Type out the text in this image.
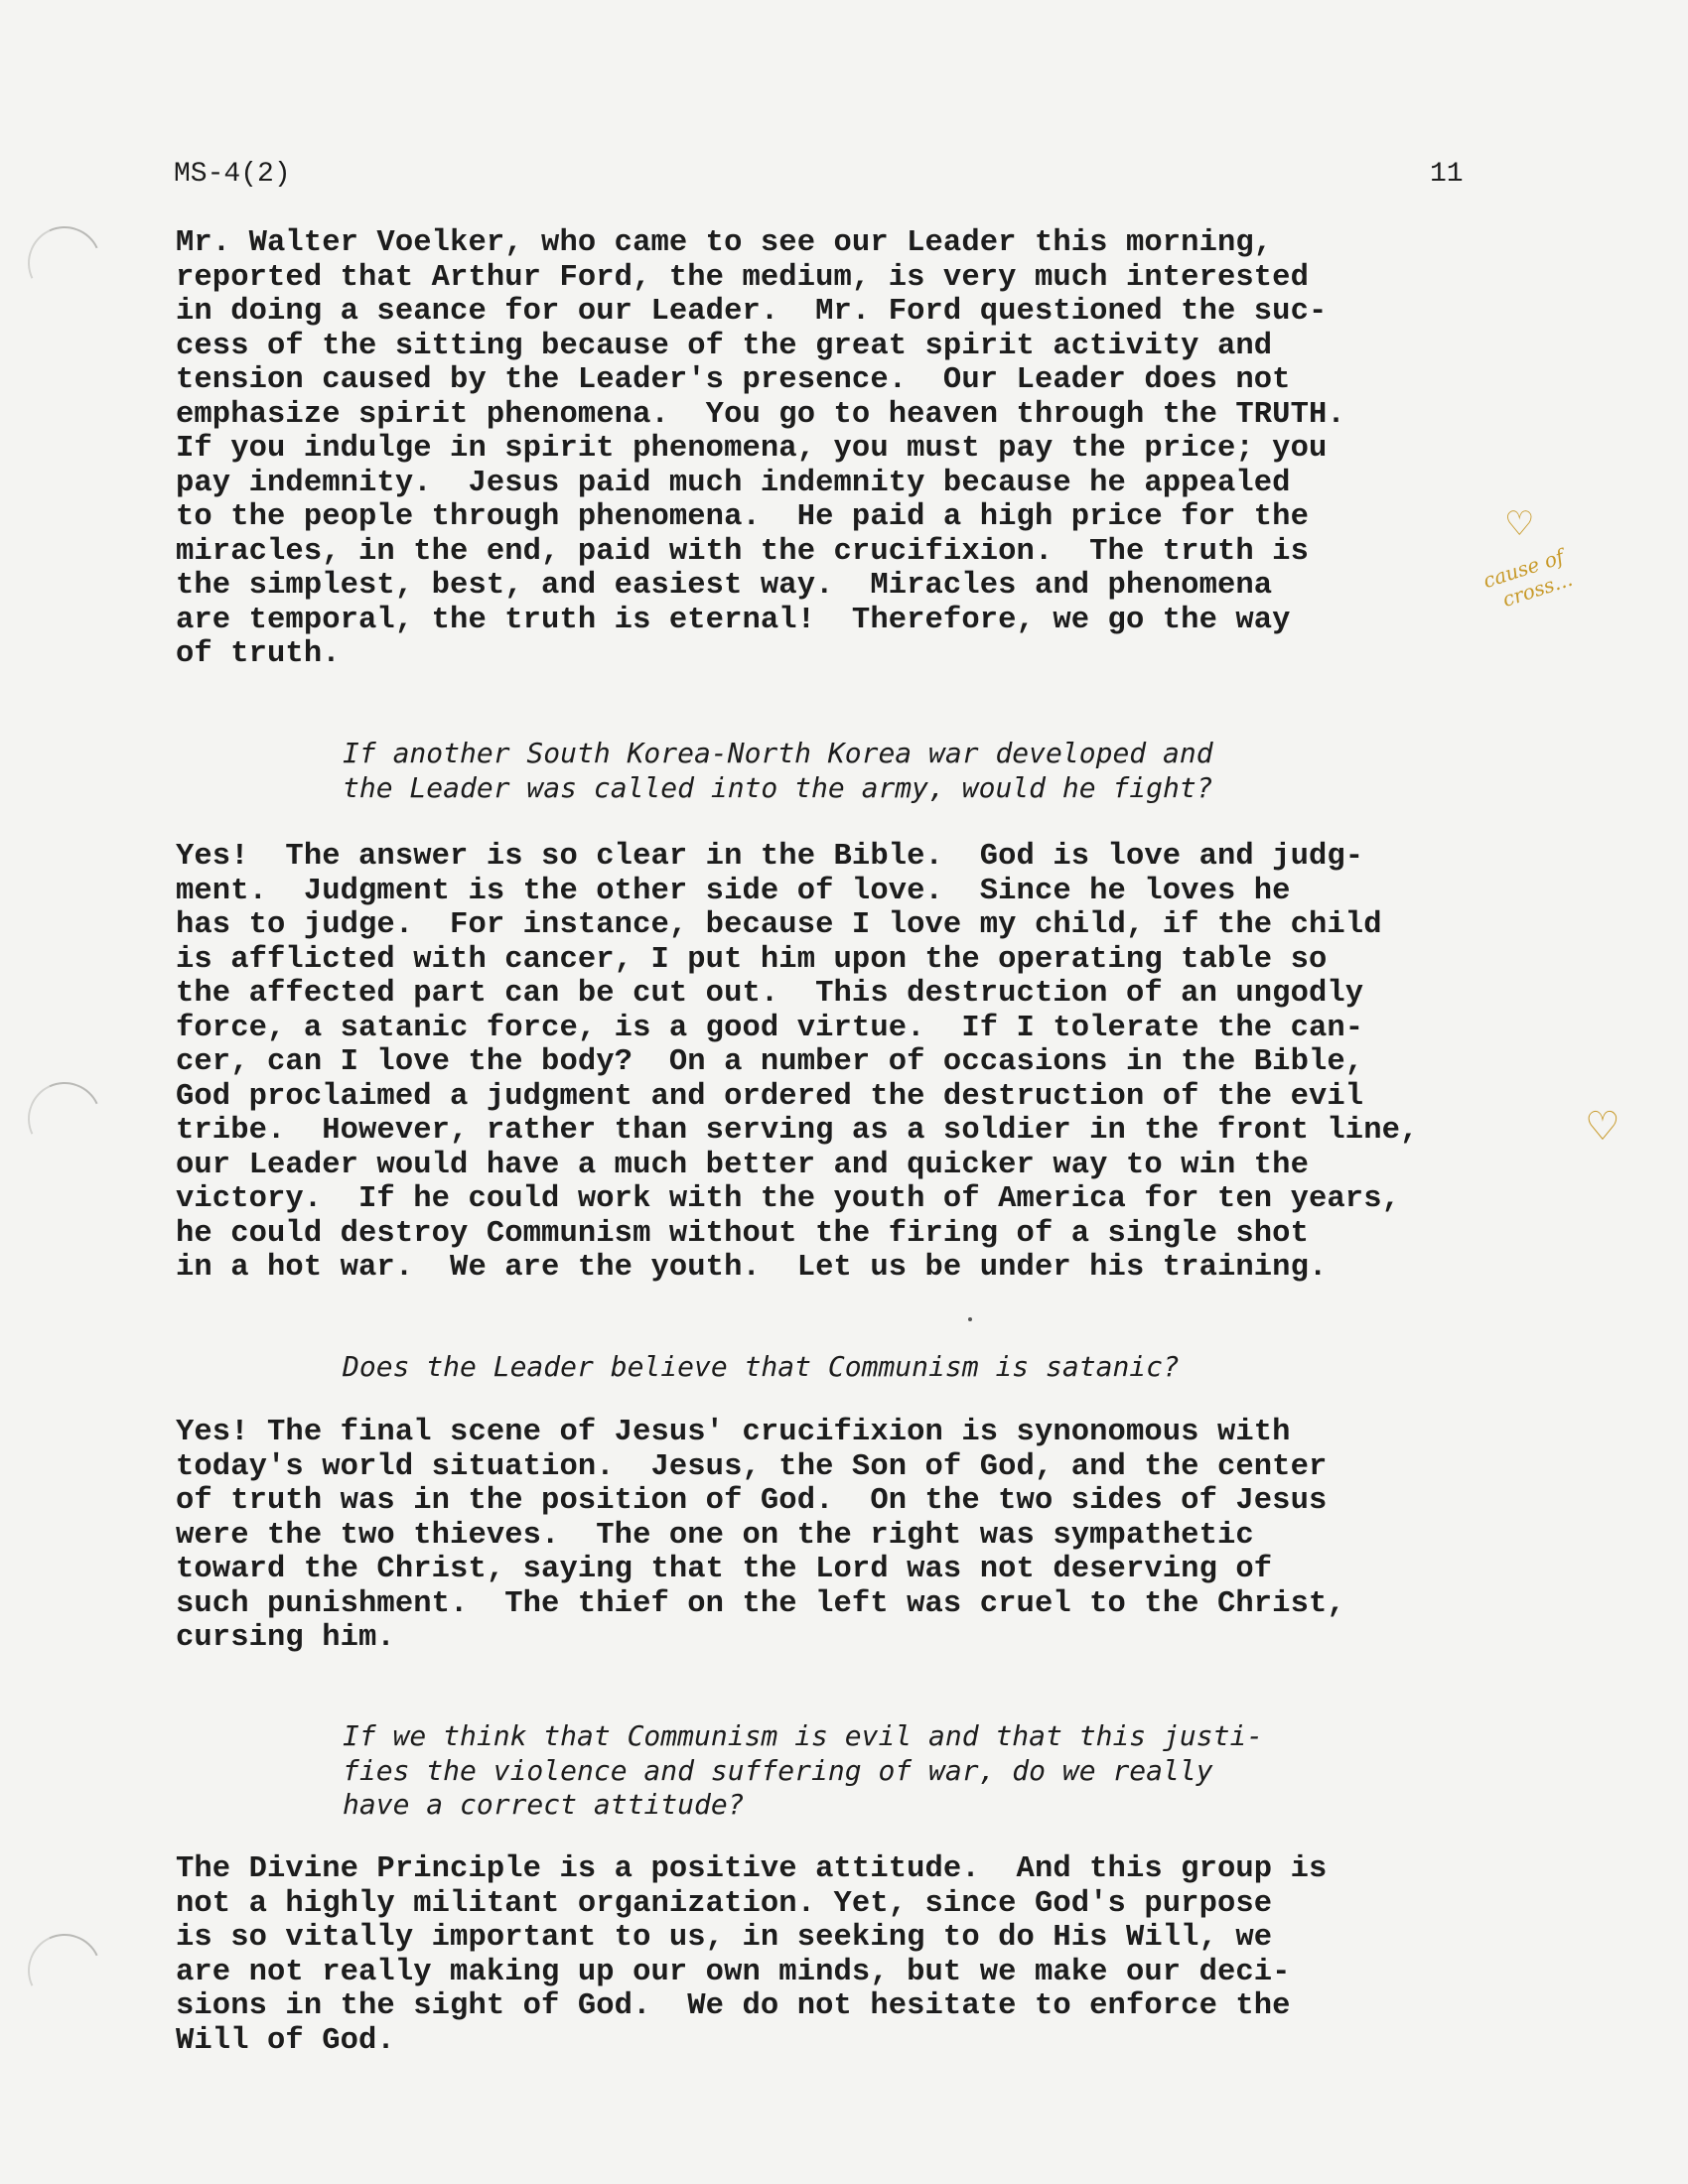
MS-4(2)	11

Mr. Walter Voelker, who came to see our Leader this morning,
reported that Arthur Ford, the medium, is very much interested
in doing a seance for our Leader.  Mr. Ford questioned the suc-
cess of the sitting because of the great spirit activity and
tension caused by the Leader's presence.  Our Leader does not
emphasize spirit phenomena.  You go to heaven through the TRUTH.
If you indulge in spirit phenomena, you must pay the price; you
pay indemnity.  Jesus paid much indemnity because he appealed
to the people through phenomena.  He paid a high price for the
miracles, in the end, paid with the crucifixion.  The truth is
the simplest, best, and easiest way.  Miracles and phenomena
are temporal, the truth is eternal!  Therefore, we go the way
of truth.

If another South Korea-North Korea war developed and
the Leader was called into the army, would he fight?

Yes!  The answer is so clear in the Bible.  God is love and judg-
ment.  Judgment is the other side of love.  Since he loves he
has to judge.  For instance, because I love my child, if the child
is afflicted with cancer, I put him upon the operating table so
the affected part can be cut out.  This destruction of an ungodly
force, a satanic force, is a good virtue.  If I tolerate the can-
cer, can I love the body?  On a number of occasions in the Bible,
God proclaimed a judgment and ordered the destruction of the evil
tribe.  However, rather than serving as a soldier in the front line,
our Leader would have a much better and quicker way to win the
victory.  If he could work with the youth of America for ten years,
he could destroy Communism without the firing of a single shot
in a hot war.  We are the youth.  Let us be under his training.

Does the Leader believe that Communism is satanic?

Yes! The final scene of Jesus' crucifixion is synonomous with
today's world situation.  Jesus, the Son of God, and the center
of truth was in the position of God.  On the two sides of Jesus
were the two thieves.  The one on the right was sympathetic
toward the Christ, saying that the Lord was not deserving of
such punishment.  The thief on the left was cruel to the Christ,
cursing him.

If we think that Communism is evil and that this justi-
fies the violence and suffering of war, do we really
have a correct attitude?

The Divine Principle is a positive attitude.  And this group is
not a highly militant organization. Yet, since God's purpose
is so vitally important to us, in seeking to do His Will, we
are not really making up our own minds, but we make our deci-
sions in the sight of God.  We do not hesitate to enforce the
Will of God.

♡
cause of
cross...
♡
